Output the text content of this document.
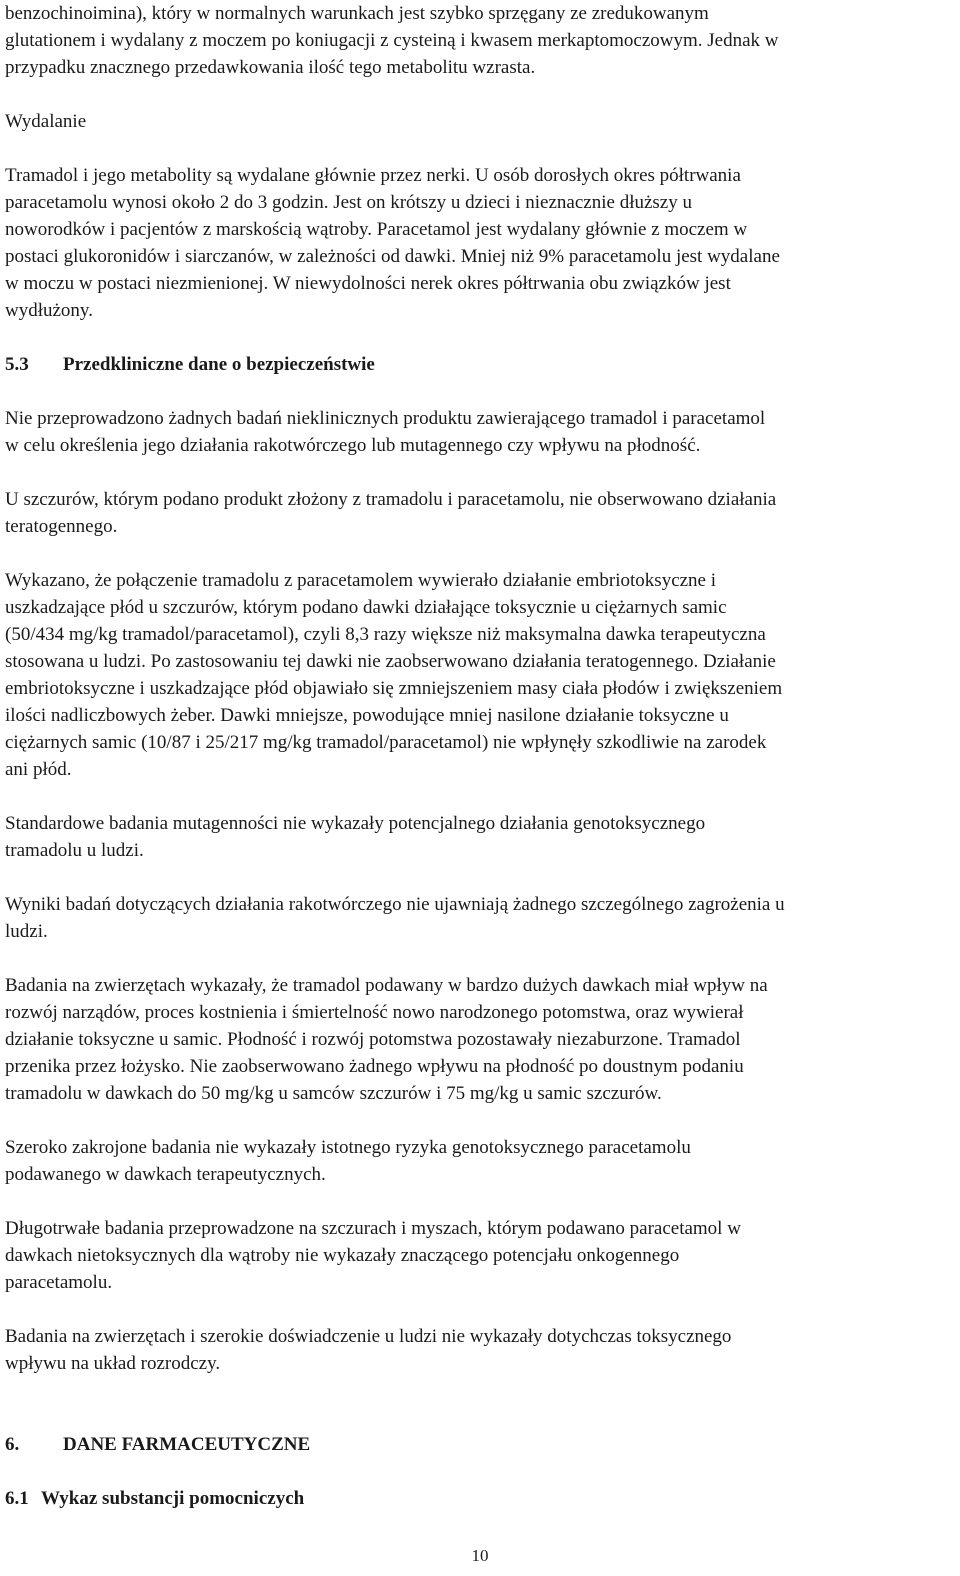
benzochinoimina), który w normalnych warunkach jest szybko sprzęgany ze zredukowanym
glutationem i wydalany z moczem po koniugacji z cysteiną i kwasem merkaptomoczowym. Jednak w
przypadku znacznego przedawkowania ilość tego metabolitu wzrasta.

Wydalanie

Tramadol i jego metabolity są wydalane głównie przez nerki. U osób dorosłych okres półtrwania
paracetamolu wynosi około 2 do 3 godzin. Jest on krótszy u dzieci i nieznacznie dłuższy u
noworodków i pacjentów z marskością wątroby. Paracetamol jest wydalany głównie z moczem w
postaci glukoronidów i siarczanów, w zależności od dawki. Mniej niż 9% paracetamolu jest wydalane
w moczu w postaci niezmienionej. W niewydolności nerek okres półtrwania obu związków jest
wydłużony.

5.3 Przedkliniczne dane o bezpieczeństwie

Nie przeprowadzono żadnych badań nieklinicznych produktu zawierającego tramadol i paracetamol
w celu określenia jego działania rakotwórczego lub mutagennego czy wpływu na płodność.

U szczurów, którym podano produkt złożony z tramadolu i paracetamolu, nie obserwowano działania
teratogennego.

Wykazano, że połączenie tramadolu z paracetamolem wywierało działanie embriotoksyczne i
uszkadzające płód u szczurów, którym podano dawki działające toksycznie u ciężarnych samic
(50/434 mg/kg tramadol/paracetamol), czyli 8,3 razy większe niż maksymalna dawka terapeutyczna
stosowana u ludzi. Po zastosowaniu tej dawki nie zaobserwowano działania teratogennego. Działanie
embriotoksyczne i uszkadzające płód objawiało się zmniejszeniem masy ciała płodów i zwiększeniem
ilości nadliczbowych żeber. Dawki mniejsze, powodujące mniej nasilone działanie toksyczne u
ciężarnych samic (10/87 i 25/217 mg/kg tramadol/paracetamol) nie wpłynęły szkodliwie na zarodek
ani płód.

Standardowe badania mutagenności nie wykazały potencjalnego działania genotoksycznego
tramadolu u ludzi.

Wyniki badań dotyczących działania rakotwórczego nie ujawniają żadnego szczególnego zagrożenia u
ludzi.

Badania na zwierzętach wykazały, że tramadol podawany w bardzo dużych dawkach miał wpływ na
rozwój narządów, proces kostnienia i śmiertelność nowo narodzonego potomstwa, oraz wywierał
działanie toksyczne u samic. Płodność i rozwój potomstwa pozostawały niezaburzone. Tramadol
przenika przez łożysko. Nie zaobserwowano żadnego wpływu na płodność po doustnym podaniu
tramadolu w dawkach do 50 mg/kg u samców szczurów i 75 mg/kg u samic szczurów.

Szeroko zakrojone badania nie wykazały istotnego ryzyka genotoksycznego paracetamolu
podawanego w dawkach terapeutycznych.

Długotrwałe badania przeprowadzone na szczurach i myszach, którym podawano paracetamol w
dawkach nietoksycznych dla wątroby nie wykazały znaczącego potencjału onkogennego
paracetamolu.

Badania na zwierzętach i szerokie doświadczenie u ludzi nie wykazały dotychczas toksycznego
wpływu na układ rozrodczy.

6. DANE FARMACEUTYCZNE

6.1 Wykaz substancji pomocniczych

10
